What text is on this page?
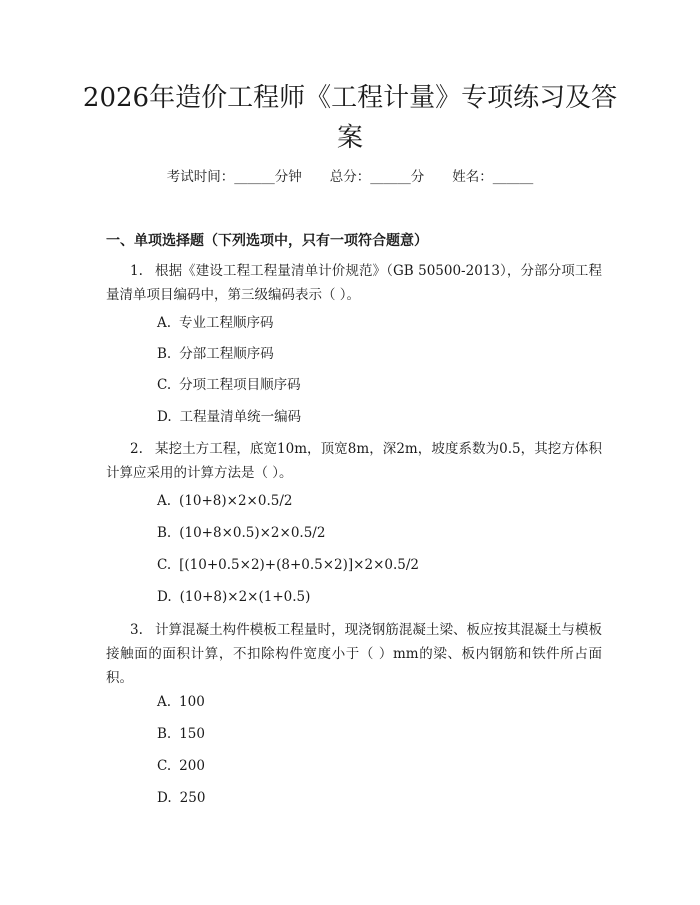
2026年造价工程师《工程计量》专项练习及答案
考试时间：______分钟 总分：______分 姓名：______
一、单项选择题（下列选项中，只有一项符合题意）

1. 根据《建设工程工程量清单计价规范》（GB 50500-2013），分部分项工程量清单项目编码中，第三级编码表示（ ）。

A. 专业工程顺序码
B. 分部工程顺序码
C. 分项工程项目顺序码
D. 工程量清单统一编码

2. 某挖土方工程，底宽10m，顶宽8m，深2m，坡度系数为0.5，其挖方体积计算应采用的计算方法是（ ）。

A. (10+8)×2×0.5/2
B. (10+8×0.5)×2×0.5/2
C. [(10+0.5×2)+(8+0.5×2)]×2×0.5/2
D. (10+8)×2×(1+0.5)

3. 计算混凝土构件模板工程量时，现浇钢筋混凝土梁、板应按其混凝土与模板接触面的面积计算，不扣除构件宽度小于（ ）mm的梁、板内钢筋和铁件所占面积。

A. 100
B. 150
C. 200
D. 250
